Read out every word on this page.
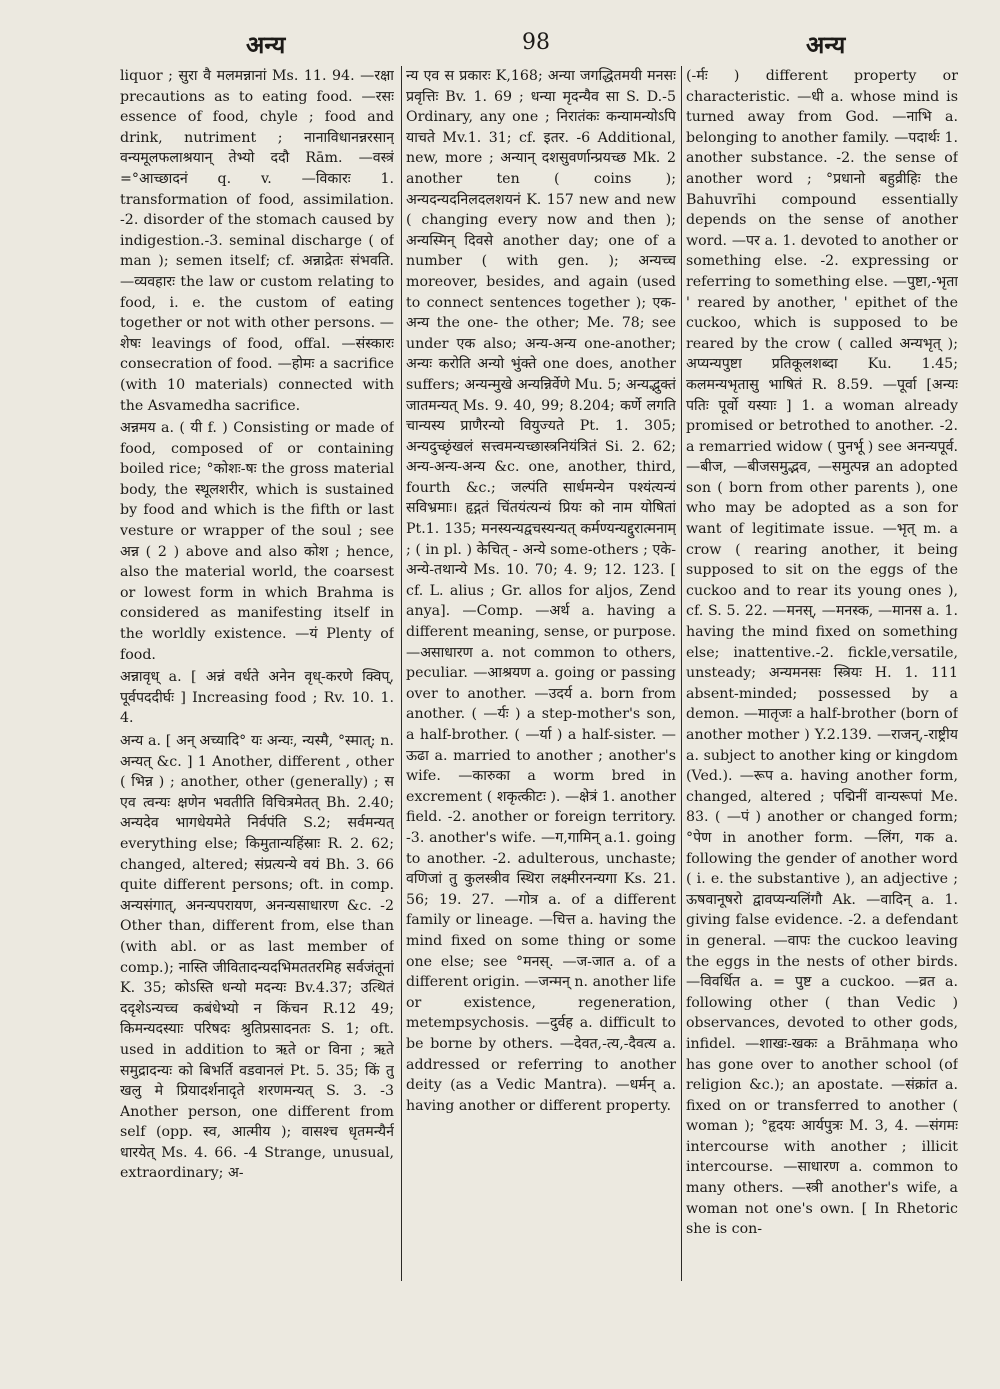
अन्य	98	अन्य

liquor ; सुरा वै मलमन्नानां Ms. 11. 94. —रक्षा precautions as to eating food. —रसः essence of food, chyle ; food and drink, nutriment ; नानाविधानन्नरसान् वन्यमूलफलाश्रयान् तेभ्यो ददौ Rām. —वस्त्रं =°आच्छादनं q. v. —विकारः 1. transformation of food, assimilation. -2. disorder of the stomach caused by indigestion.-3. seminal discharge ( of man ); semen itself; cf. अन्नाद्रेतः संभवति. —व्यवहारः the law or custom relating to food, i. e. the custom of eating together or not with other persons. —शेषः leavings of food, offal. —संस्कारः consecration of food. —होमः a sacrifice (with 10 materials) connected with the Asvamedha sacrifice.

अन्नमय a. ( यी f. ) Consisting or made of food, composed of or containing boiled rice; °कोशः-षः the gross material body, the स्थूलशरीर, which is sustained by food and which is the fifth or last vesture or wrapper of the soul ; see अन्न ( 2 ) above and also कोश ; hence, also the material world, the coarsest or lowest form in which Brahma is considered as manifesting itself in the worldly existence. —यं Plenty of food.

अन्नावृध् a. [ अन्नं वर्धते अनेन वृध्-करणे क्विप्, पूर्वपददीर्घः ] Increasing food ; Rv. 10. 1. 4.

अन्य a. [ अन् अच्यादि° यः अन्यः, न्यस्मै, °स्मात्; n. अन्यत् &c. ] 1 Another, different , other ( भिन्न ) ; another, other (generally) ; स एव त्वन्यः क्षणेन भवतीति विचित्रमेतत् Bh. 2.40; अन्यदेव भागधेयमेते निर्वपंति S.2; सर्वमन्यत् everything else; किमुतान्यहिंस्राः R. 2. 62; changed, altered; संप्रत्यन्ये वयं Bh. 3. 66 quite different persons; oft. in comp. अन्यसंगात्, अनन्यपरायण, अनन्यसाधारण &c. -2 Other than, different from, else than (with abl. or as last member of comp.); नास्ति जीवितादन्यदभिमततरमिह सर्वजंतूनां K. 35; कोऽस्ति धन्यो मदन्यः Bv.4.37; उत्थितं ददृशेऽन्यच्च कबंधेभ्यो न किंचन R.12 49; किमन्यदस्याः परिषदः श्रुतिप्रसादनतः S. 1; oft. used in addition to ऋते or विना ; ऋते समुद्रादन्यः को बिभर्ति वडवानलं Pt. 5. 35; किं तु खलु मे प्रियादर्शनादृते शरणमन्यत् S. 3. -3 Another person, one different from self (opp. स्व, आत्मीय ); वासश्च धृतमन्यैर्न धारयेत् Ms. 4. 66. -4 Strange, unusual, extraordinary; अ-

न्य एव स प्रकारः K,168; अन्या जगद्धितमयी मनसः प्रवृत्तिः Bv. 1. 69 ; धन्या मृदन्यैव सा S. D.-5 Ordinary, any one ; निरातंकः कन्यामन्योऽपि याचते Mv.1. 31; cf. इतर. -6 Additional, new, more ; अन्यान् दशसुवर्णान्प्रयच्छ Mk. 2 another ten ( coins ); अन्यदन्यदनिलदलशयनं K. 157 new and new ( changing every now and then ); अन्यस्मिन् दिवसे another day; one of a number ( with gen. ); अन्यच्च moreover, besides, and again (used to connect sentences together ); एक-अन्य the one- the other; Me. 78; see under एक also; अन्य-अन्य one-another; अन्यः करोति अन्यो भुंक्ते one does, another suffers; अन्यन्मुखे अन्यन्निर्वेणे Mu. 5; अन्यद्भुक्तं जातमन्यत् Ms. 9. 40, 99; 8.204; कर्णे लगति चान्यस्य प्राणैरन्यो वियुज्यते Pt. 1. 305; अन्यदुच्छृंखलं सत्त्वमन्यच्छास्त्रनियंत्रितं Si. 2. 62; अन्य-अन्य-अन्य &c. one, another, third, fourth &c.; जल्पंति सार्धमन्येन पश्यंत्यन्यं सविभ्रमाः। हृद्गतं चिंतयंत्यन्यं प्रियः को नाम योषितां Pt.1. 135; मनस्यन्यद्वचस्यन्यत् कर्मण्यन्यद्दुरात्मनाम् ; ( in pl. ) केचित् - अन्ये some-others ; एके-अन्ये-तथान्ये Ms. 10. 70; 4. 9; 12. 123. [ cf. L. alius ; Gr. allos for aljos, Zend anya]. —Comp. —अर्थ a. having a different meaning, sense, or purpose. —असाधारण a. not common to others, peculiar. —आश्रयण a. going or passing over to another. —उदर्य a. born from another. ( —र्यः ) a step-mother's son, a half-brother. ( —र्या ) a half-sister. —ऊढा a. married to another ; another's wife. —कारुका a worm bred in excrement ( शकृत्कीटः ). —क्षेत्रं 1. another field. -2. another or foreign territory. -3. another's wife. —ग,गामिन् a.1. going to another. -2. adulterous, unchaste; वणिजां तु कुलस्त्रीव स्थिरा लक्ष्मीरनन्यगा Ks. 21. 56; 19. 27. —गोत्र a. of a different family or lineage. —चित्त a. having the mind fixed on some thing or some one else; see °मनस्. —ज-जात a. of a different origin. —जन्मन् n. another life or existence, regeneration, metempsychosis. —दुर्वह a. difficult to be borne by others. —देवत,-त्य,-दैवत्य a. addressed or referring to another deity (as a Vedic Mantra). —धर्मन् a. having another or different property.

(-र्मः ) different property or characteristic. —धी a. whose mind is turned away from God. —नाभि a. belonging to another family. —पदार्थः 1. another substance. -2. the sense of another word ; °प्रधानो बहुव्रीहिः the Bahuvrīhi compound essentially depends on the sense of another word. —पर a. 1. devoted to another or something else. -2. expressing or referring to something else. —पुष्टा,-भृता ' reared by another, ' epithet of the cuckoo, which is supposed to be reared by the crow ( called अन्यभृत् ); अप्यन्यपुष्टा प्रतिकूलशब्दा Ku. 1.45; कलमन्यभृतासु भाषितं R. 8.59. —पूर्वा [अन्यः पतिः पूर्वो यस्याः ] 1. a woman already promised or betrothed to another. -2. a remarried widow ( पुनर्भू ) see अनन्यपूर्व. —बीज, —बीजसमुद्भव, —समुत्पन्न an adopted son ( born from other parents ), one who may be adopted as a son for want of legitimate issue. —भृत् m. a crow ( rearing another, it being supposed to sit on the eggs of the cuckoo and to rear its young ones ), cf. S. 5. 22. —मनस्, —मनस्क, —मानस a. 1. having the mind fixed on something else; inattentive.-2. fickle,versatile, unsteady; अन्यमनसः स्त्रियः H. 1. 111 absent-minded; possessed by a demon. —मातृजः a half-brother (born of another mother ) Y.2.139. —राजन्,-राष्ट्रीय a. subject to another king or kingdom (Ved.). —रूप a. having another form, changed, altered ; पद्मिनीं वान्यरूपां Me. 83. ( —पं ) another or changed form; °पेण in another form. —लिंग, गक a. following the gender of another word ( i. e. the substantive ), an adjective ; ऊषवानूषरो द्वावप्यन्यलिंगौ Ak. —वादिन् a. 1. giving false evidence. -2. a defendant in general. —वापः the cuckoo leaving the eggs in the nests of other birds. —विवर्धित a. = पुष्ट a cuckoo. —व्रत a. following other ( than Vedic ) observances, devoted to other gods, infidel. —शाखः-खकः a Brāhmaṇa who has gone over to another school (of religion &c.); an apostate. —संक्रांत a. fixed on or transferred to another ( woman ); °हृदयः आर्यपुत्रः M. 3, 4. —संगमः intercourse with another ; illicit intercourse. —साधारण a. common to many others. —स्त्री another's wife, a woman not one's own. [ In Rhetoric she is con-
